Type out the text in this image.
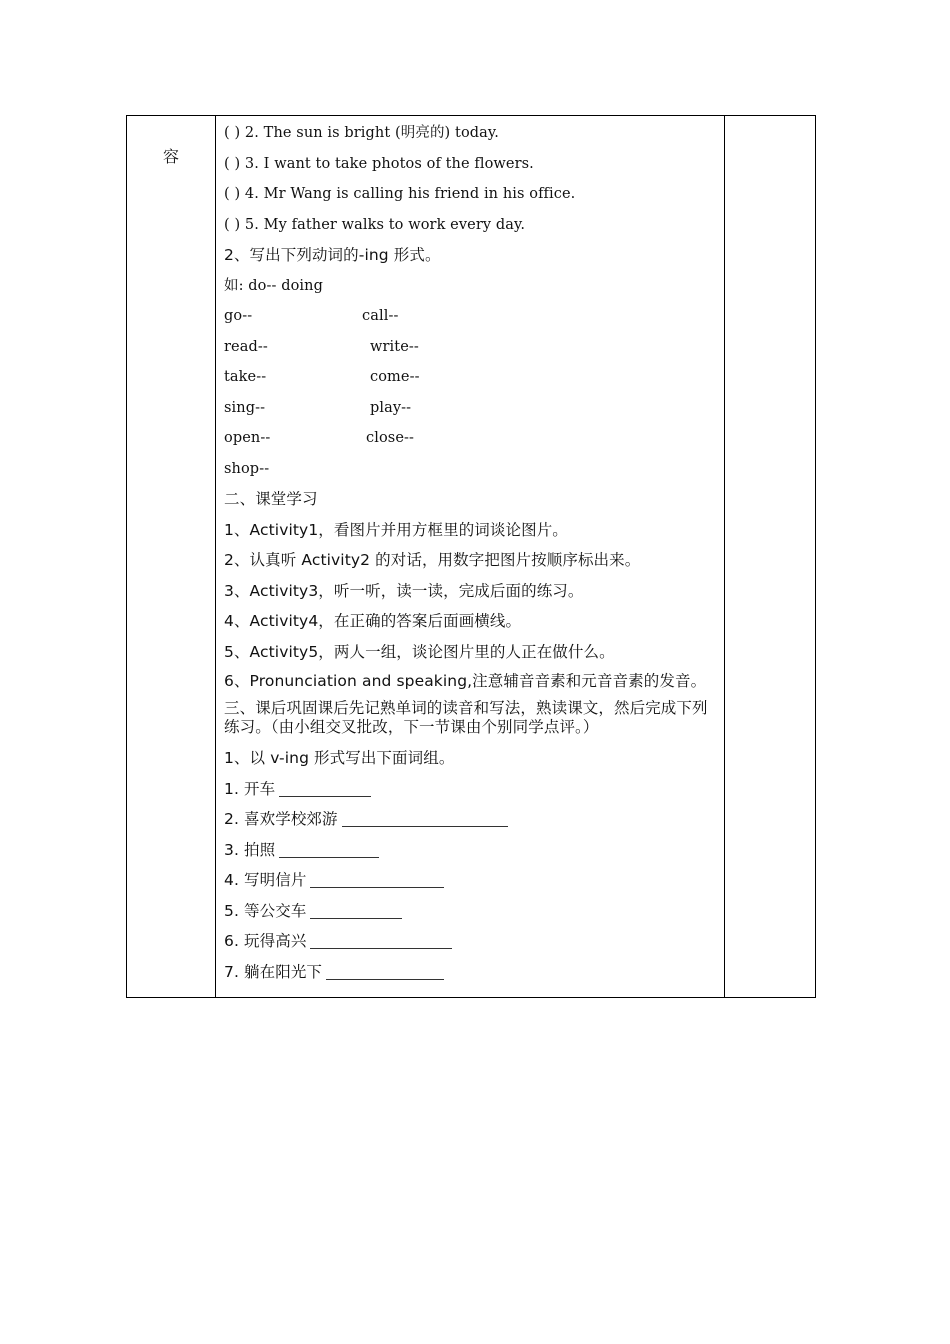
容
( ) 2. The sun is bright (明亮的) today.
( ) 3. I want to take photos of the flowers.
( ) 4. Mr Wang is calling his friend in his office.
( ) 5. My father walks to work every day.
2、写出下列动词的-ing 形式。
如: do-- doing
go--	call--
read--	write--
take--	come--
sing--	play--
open--	close--
shop--
二、课堂学习
1、Activity1，看图片并用方框里的词谈论图片。
2、认真听 Activity2 的对话，用数字把图片按顺序标出来。
3、Activity3，听一听，读一读，完成后面的练习。
4、Activity4，在正确的答案后面画横线。
5、Activity5，两人一组，谈论图片里的人正在做什么。
6、Pronunciation and speaking,注意辅音音素和元音音素的发音。
三、课后巩固课后先记熟单词的读音和写法，熟读课文，然后完成下列练习。（由小组交叉批改，下一节课由个别同学点评。）
1、以 v-ing 形式写出下面词组。
1. 开车
2. 喜欢学校郊游
3. 拍照
4. 写明信片
5. 等公交车
6. 玩得高兴
7. 躺在阳光下
